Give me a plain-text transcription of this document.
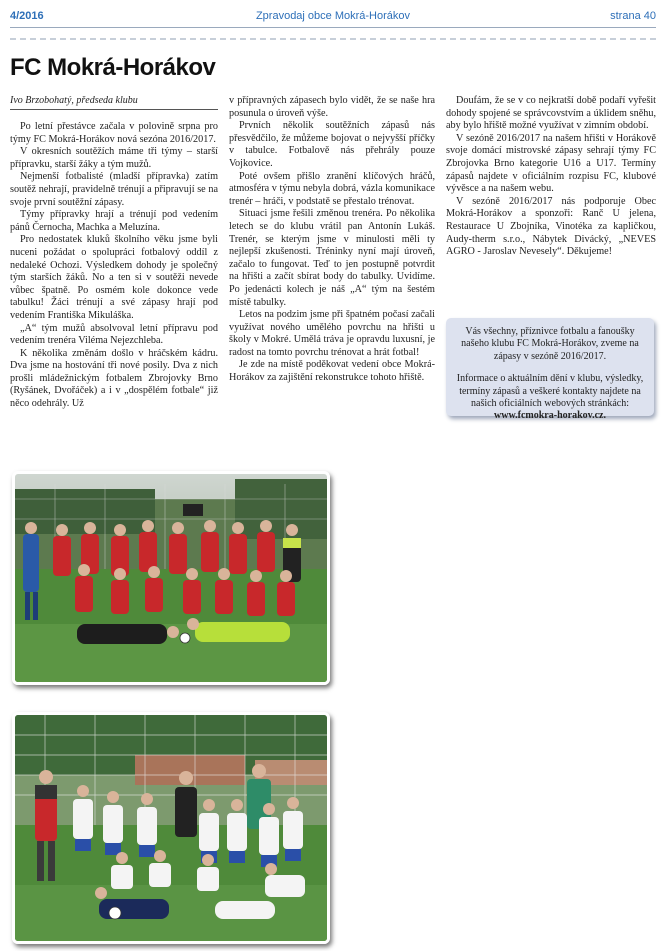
4/2016	Zpravodaj obce Mokrá-Horákov	strana 40
FC Mokrá-Horákov
Ivo Brzobohatý, předseda klubu

Po letní přestávce začala v polovině srpna pro týmy FC Mokrá-Horákov nová sezóna 2016/2017.

V okresních soutěžích máme tři týmy – starší přípravku, starší žáky a tým mužů.

Nejmenší fotbalisté (mladší přípravka) zatím soutěž nehrají, pravidelně trénují a připravují se na svoje první soutěžní zápasy.

Týmy přípravky hrají a trénují pod vedením pánů Černocha, Machka a Meluzína.

Pro nedostatek kluků školního věku jsme byli nuceni požádat o spolupráci fotbalový oddíl z nedaleké Ochozi. Výsledkem dohody je společný tým starších žáků. No a ten si v soutěži nevede vůbec špatně. Po osmém kole dokonce vede tabulku! Žáci trénují a své zápasy hrají pod vedením Františka Mikuláška.

„A“ tým mužů absolvoval letní přípravu pod vedením trenéra Viléma Nejezchleba.

K několika změnám došlo v hráčském kádru. Dva jsme na hostování tři nové posily. Dva z nich prošli mládežnickým fotbalem Zbrojovky Brno (Ryšánek, Dvořáček) a i v „dospělém fotbale“ již něco odehrály. Už

v přípravných zápasech bylo vidět, že se naše hra posunula o úroveň výše.

Prvních několik soutěžních zápasů nás přesvědčilo, že můžeme bojovat o nejvyšší příčky v tabulce. Fotbalově nás přehrály pouze Vojkovice.

Poté ovšem přišlo zranění klíčových hráčů, atmosféra v týmu nebyla dobrá, vázla komunikace trenér – hráči, v podstatě se přestalo trénovat.

Situaci jsme řešili změnou trenéra. Po několika letech se do klubu vrátil pan Antonín Lukáš. Trenér, se kterým jsme v minulosti měli ty nejlepší zkušenosti. Tréninky nyní mají úroveň, začalo to fungovat. Teď to jen postupně potvrdit na hřišti a začít sbírat body do tabulky. Uvidíme. Po jedenácti kolech je náš „A“ tým na šestém místě tabulky.

Letos na podzim jsme při špatném počasí začali využívat nového umělého povrchu na hřišti u školy v Mokré. Umělá tráva je opravdu luxusní, je radost na tomto povrchu trénovat a hrát fotbal!

Je zde na místě poděkovat vedení obce Mokrá-Horákov za zajištění rekonstrukce tohoto hřiště.

Doufám, že se v co nejkratší době podaří vyřešit dohody spojené se správcovstvím a úklidem sněhu, aby bylo hřiště možné využívat v zimním období.

V sezóně 2016/2017 na našem hřišti v Horákově svoje domácí mistrovské zápasy sehrají týmy FC Zbrojovka Brno kategorie U16 a U17. Termíny zápasů najdete v oficiálním rozpisu FC, klubové vývěsce a na našem webu.

V sezóně 2016/2017 nás podporuje Obec Mokrá-Horákov a sponzoři: Ranč U jelena, Restaurace U Zbojníka, Vinotéka za kapličkou, Audy-therm s.r.o., Nábytek Divácký, „NEVES AGRO - Jaroslav Nevesely“. Děkujeme!

Vás všechny, příznivce fotbalu a fanoušky našeho klubu FC Mokrá-Horákov, zveme na zápasy v sezóně 2016/2017.

Informace o aktuálním dění v klubu, výsledky, termíny zápasů a veškeré kontakty najdete na našich oficiálních webových stránkách: www.fcmokra-horakov.cz.
